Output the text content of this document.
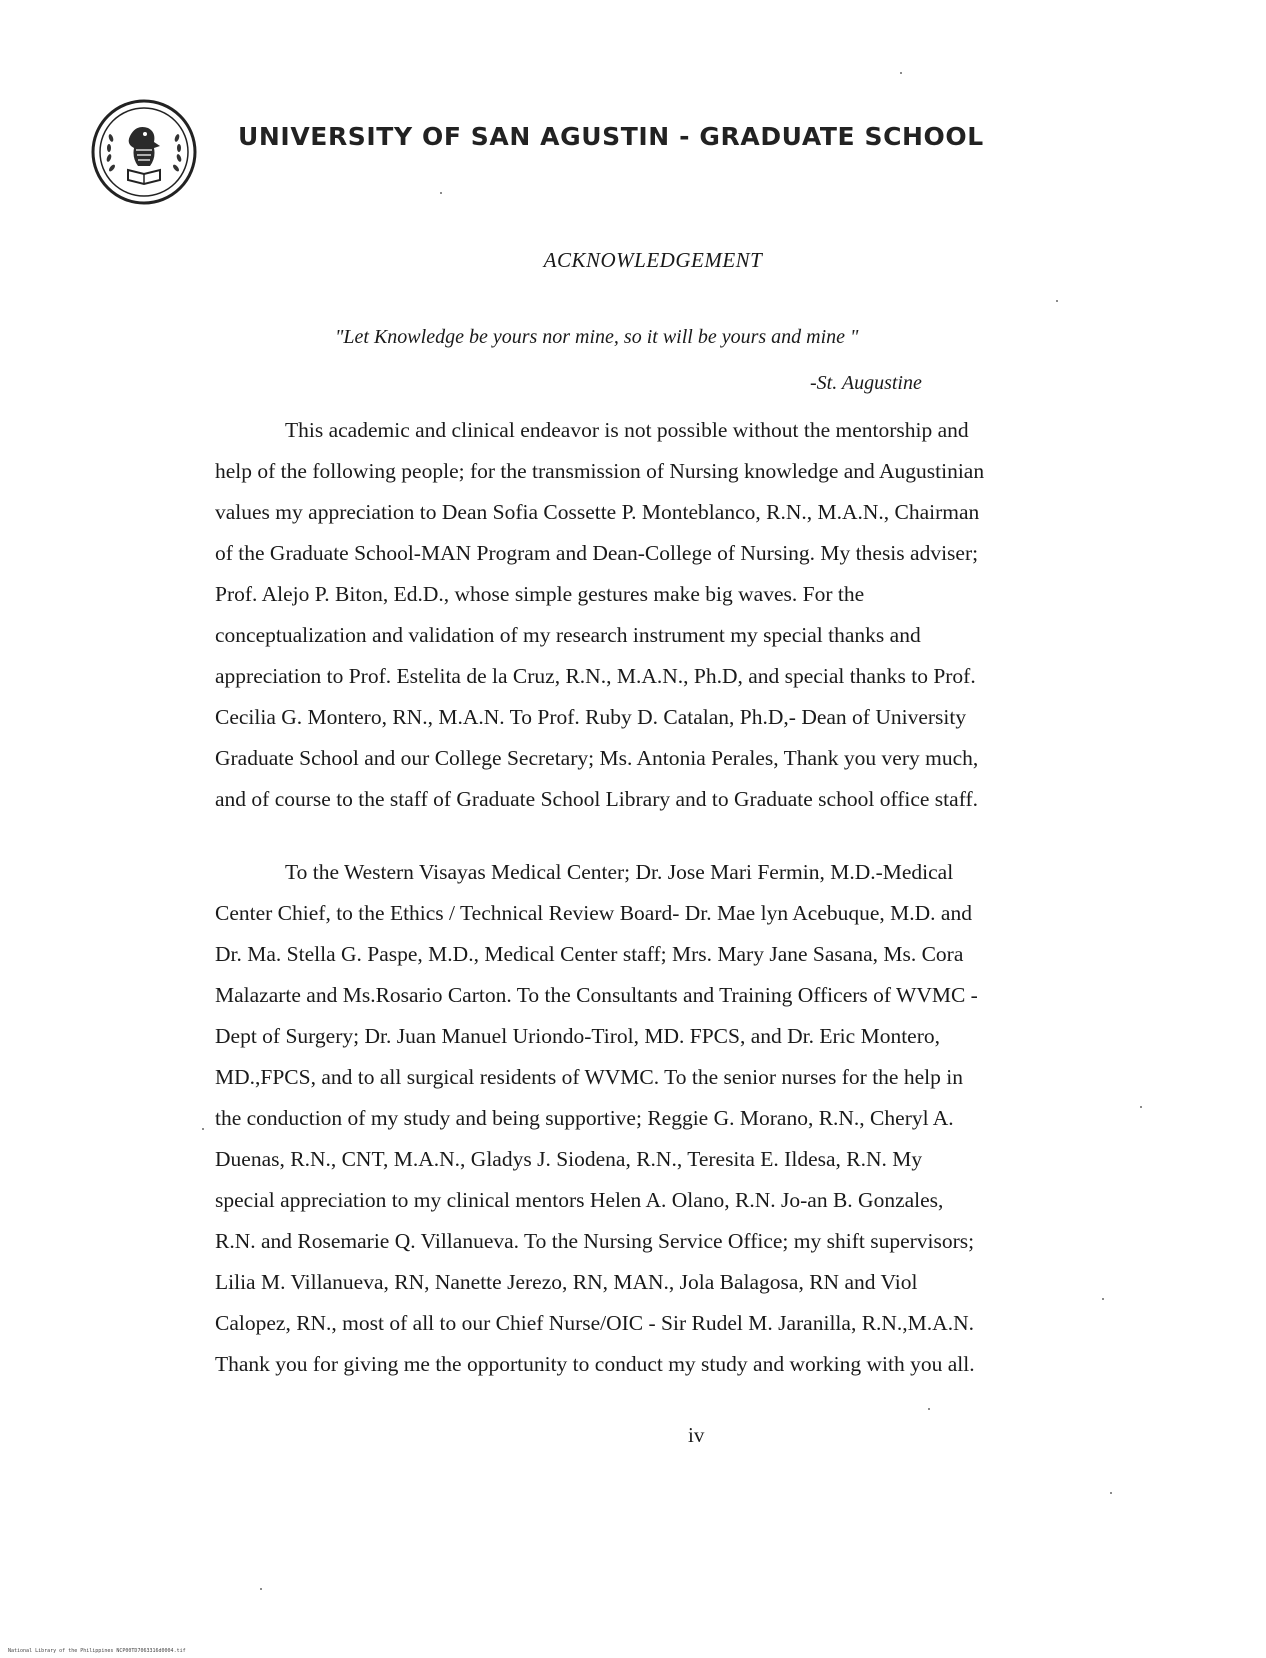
UNIVERSITY OF SAN AGUSTIN - GRADUATE SCHOOL
ACKNOWLEDGEMENT
"Let Knowledge be yours nor mine, so it will be yours and mine "
-St. Augustine
This academic and clinical endeavor is not possible without the mentorship and
help of the following people; for the transmission of Nursing knowledge and Augustinian
values my appreciation to Dean Sofia Cossette P. Monteblanco, R.N., M.A.N., Chairman
of the Graduate School-MAN Program and Dean-College of Nursing. My thesis adviser;
Prof. Alejo P. Biton, Ed.D., whose simple gestures make big waves. For the
conceptualization and validation of my research instrument my special thanks and
appreciation to Prof. Estelita de la Cruz, R.N., M.A.N., Ph.D, and special thanks to Prof.
Cecilia G. Montero, RN., M.A.N. To Prof. Ruby D. Catalan, Ph.D,- Dean of University
Graduate School and our College Secretary; Ms. Antonia Perales, Thank you very much,
and of course to the staff of Graduate School Library and to Graduate school office staff.
To the Western Visayas Medical Center; Dr. Jose Mari Fermin, M.D.-Medical
Center Chief, to the Ethics / Technical Review Board- Dr. Mae lyn Acebuque, M.D. and
Dr. Ma. Stella G. Paspe, M.D., Medical Center staff; Mrs. Mary Jane Sasana, Ms. Cora
Malazarte and Ms.Rosario Carton. To the Consultants and Training Officers of WVMC -
Dept of Surgery; Dr. Juan Manuel Uriondo-Tirol, MD. FPCS, and Dr. Eric Montero,
MD.,FPCS, and to all surgical residents of WVMC. To the senior nurses for the help in
the conduction of my study and being supportive; Reggie G. Morano, R.N., Cheryl A.
Duenas, R.N., CNT, M.A.N., Gladys J. Siodena, R.N., Teresita E. Ildesa, R.N. My
special appreciation to my clinical mentors Helen A. Olano, R.N. Jo-an B. Gonzales,
R.N. and Rosemarie Q. Villanueva. To the Nursing Service Office; my shift supervisors;
Lilia M. Villanueva, RN, Nanette Jerezo, RN, MAN., Jola Balagosa, RN and Viol
Calopez, RN., most of all to our Chief Nurse/OIC - Sir Rudel M. Jaranilla, R.N.,M.A.N.
Thank you for giving me the opportunity to conduct my study and working with you all.
iv
National Library of the Philippines NCP00TD7063316d0004.tif
